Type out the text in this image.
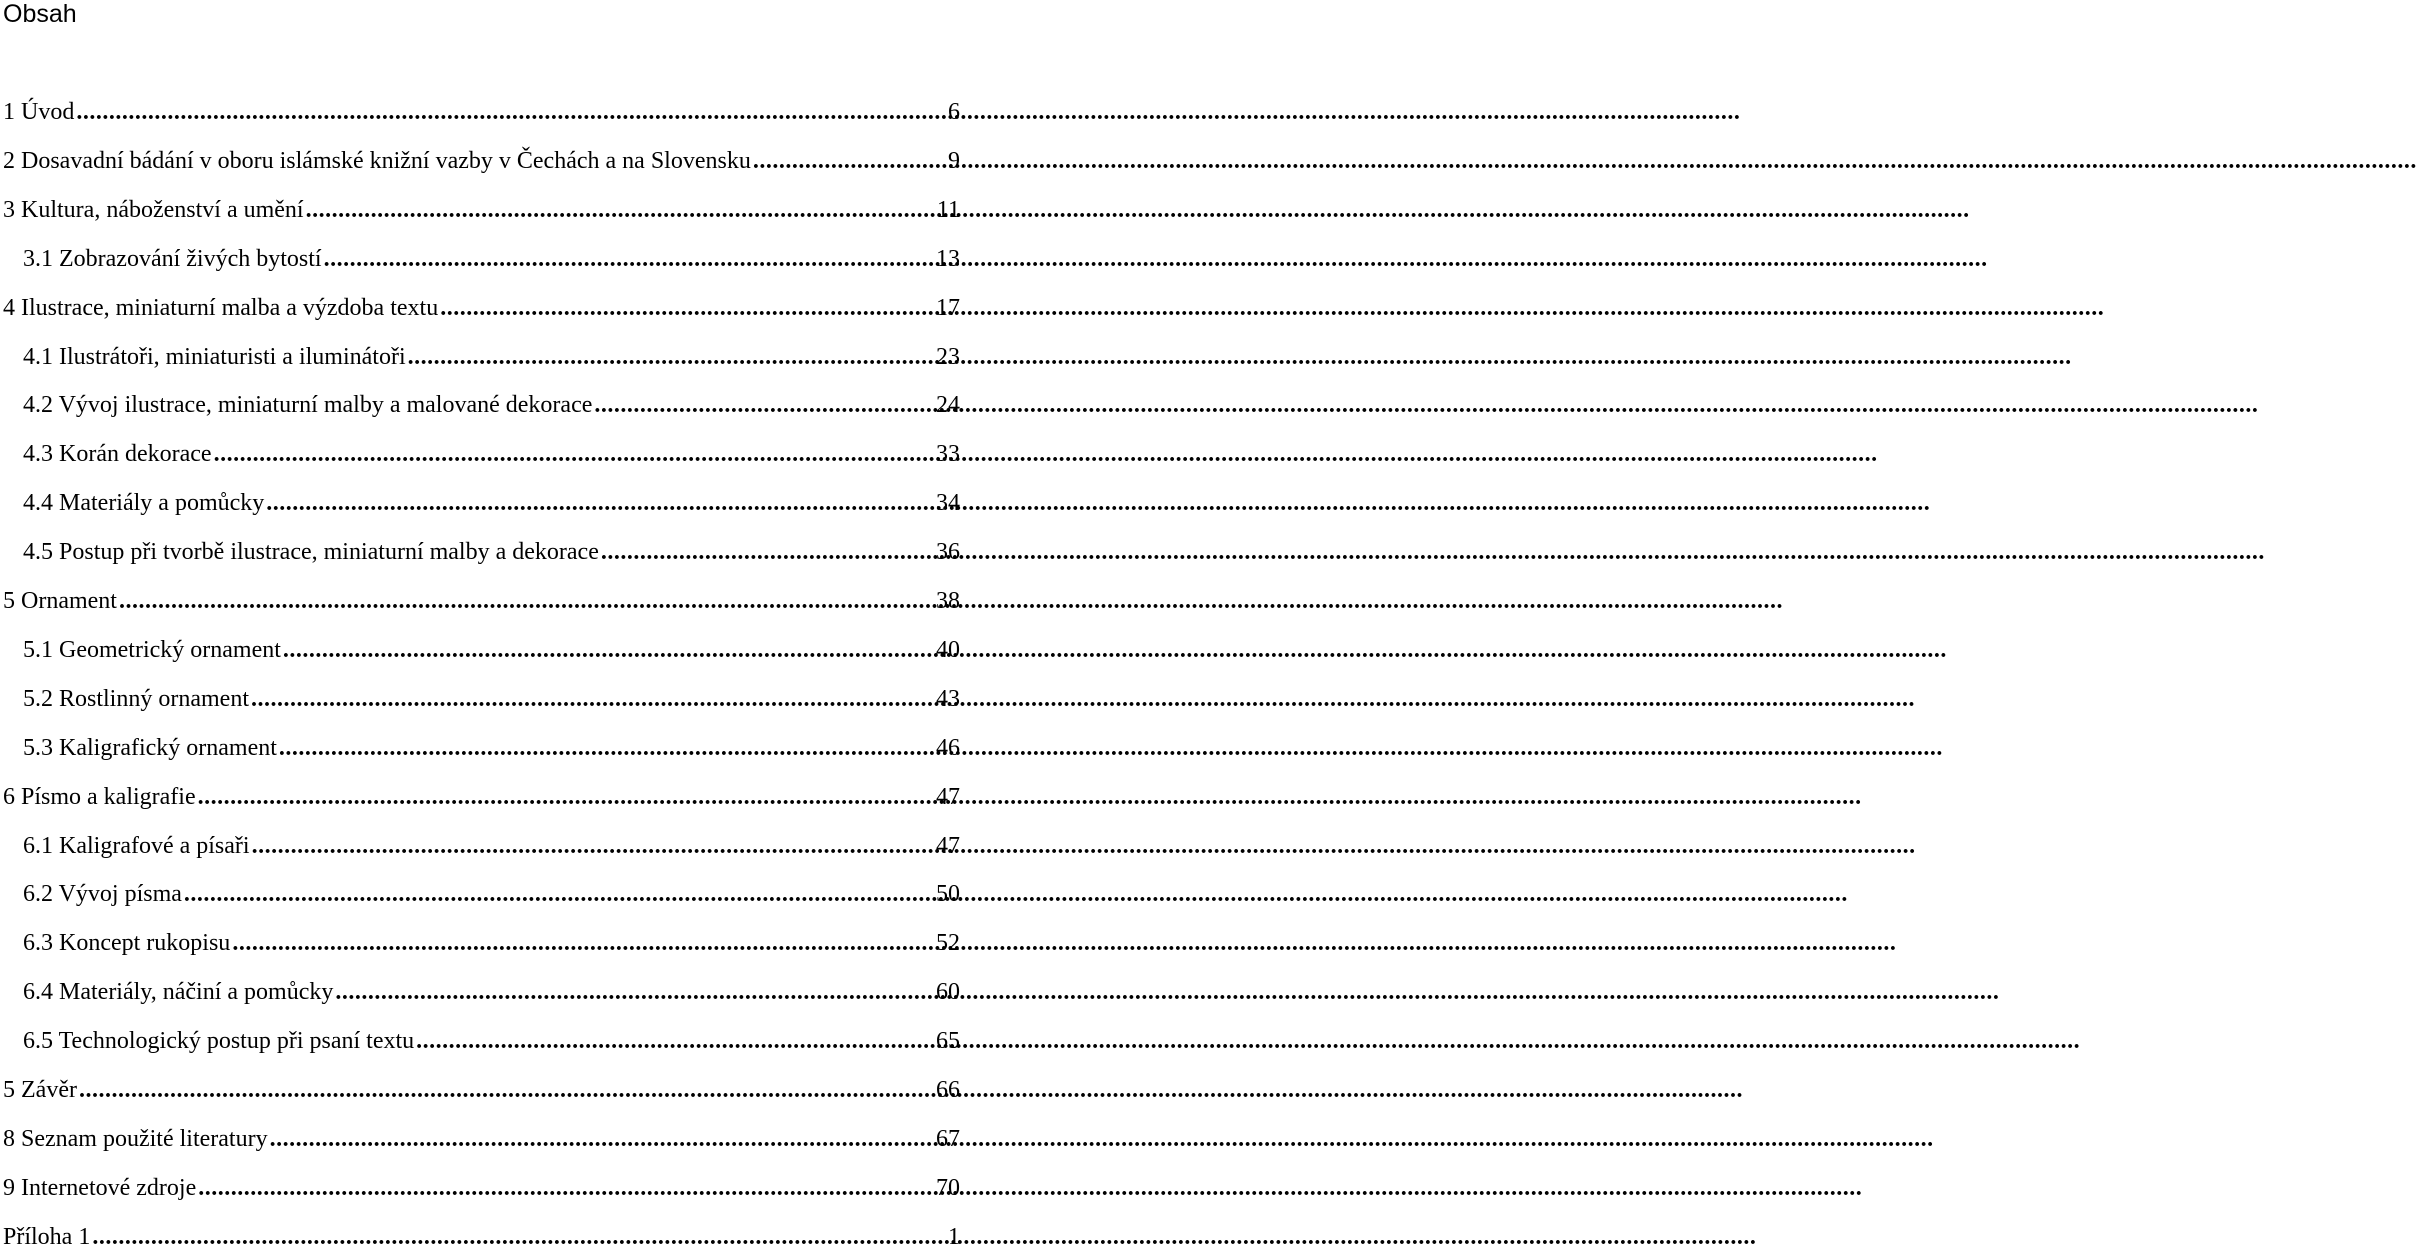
Obsah
1 Úvod .....	6
2 Dosavadní bádání v oboru islámské knižní vazby v Čechách a na Slovensku .....	9
3 Kultura, náboženství a umění .....	11
3.1 Zobrazování živých bytostí .....	13
4 Ilustrace, miniaturní malba a výzdoba textu .....	17
4.1 Ilustrátoři, miniaturisti a iluminátoři .....	23
4.2 Vývoj ilustrace, miniaturní malby a malované dekorace .....	24
4.3 Korán dekorace .....	33
4.4 Materiály a pomůcky .....	34
4.5 Postup při tvorbě ilustrace, miniaturní malby a dekorace .....	36
5 Ornament .....	38
5.1 Geometrický ornament .....	40
5.2 Rostlinný ornament .....	43
5.3 Kaligrafický ornament .....	46
6 Písmo a kaligrafie .....	47
6.1 Kaligrafové a písaři .....	47
6.2 Vývoj písma .....	50
6.3 Koncept rukopisu .....	52
6.4 Materiály, náčiní a pomůcky .....	60
6.5 Technologický postup při psaní textu .....	65
5 Závěr .....	66
8 Seznam použité literatury .....	67
9 Internetové zdroje .....	70
Příloha 1 .....	1
